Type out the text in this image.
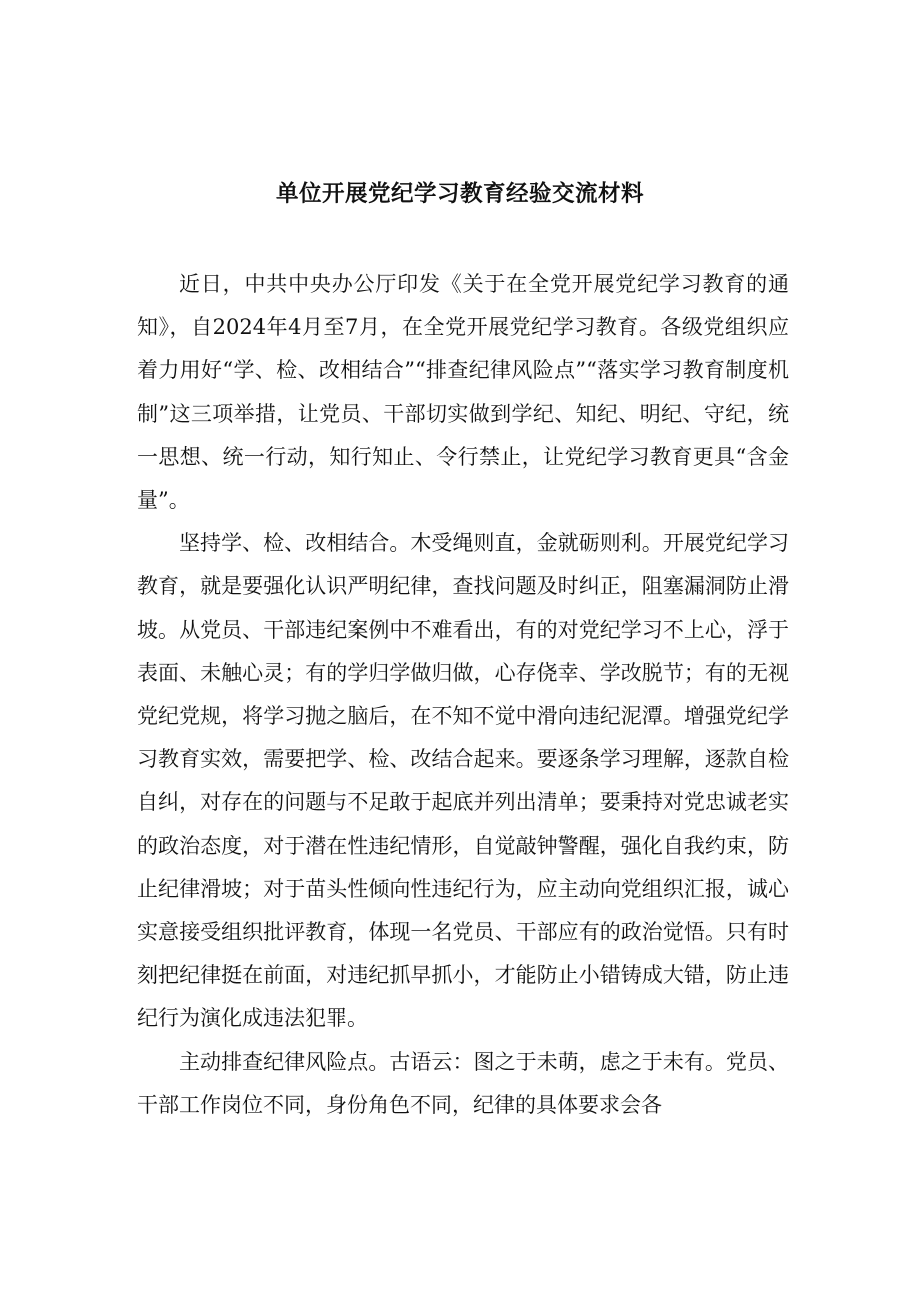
单位开展党纪学习教育经验交流材料

近日，中共中央办公厅印发《关于在全党开展党纪学习教育的通知》，自2024年4月至7月，在全党开展党纪学习教育。各级党组织应着力用好“学、检、改相结合”“排查纪律风险点”“落实学习教育制度机制”这三项举措，让党员、干部切实做到学纪、知纪、明纪、守纪，统一思想、统一行动，知行知止、令行禁止，让党纪学习教育更具“含金量”。

坚持学、检、改相结合。木受绳则直，金就砺则利。开展党纪学习教育，就是要强化认识严明纪律，查找问题及时纠正，阻塞漏洞防止滑坡。从党员、干部违纪案例中不难看出，有的对党纪学习不上心，浮于表面、未触心灵；有的学归学做归做，心存侥幸、学改脱节；有的无视党纪党规，将学习抛之脑后，在不知不觉中滑向违纪泥潭。增强党纪学习教育实效，需要把学、检、改结合起来。要逐条学习理解，逐款自检自纠，对存在的问题与不足敢于起底并列出清单；要秉持对党忠诚老实的政治态度，对于潜在性违纪情形，自觉敲钟警醒，强化自我约束，防止纪律滑坡；对于苗头性倾向性违纪行为，应主动向党组织汇报，诚心实意接受组织批评教育，体现一名党员、干部应有的政治觉悟。只有时刻把纪律挺在前面，对违纪抓早抓小，才能防止小错铸成大错，防止违纪行为演化成违法犯罪。

主动排查纪律风险点。古语云：图之于未萌，虑之于未有。党员、干部工作岗位不同，身份角色不同，纪律的具体要求会各
